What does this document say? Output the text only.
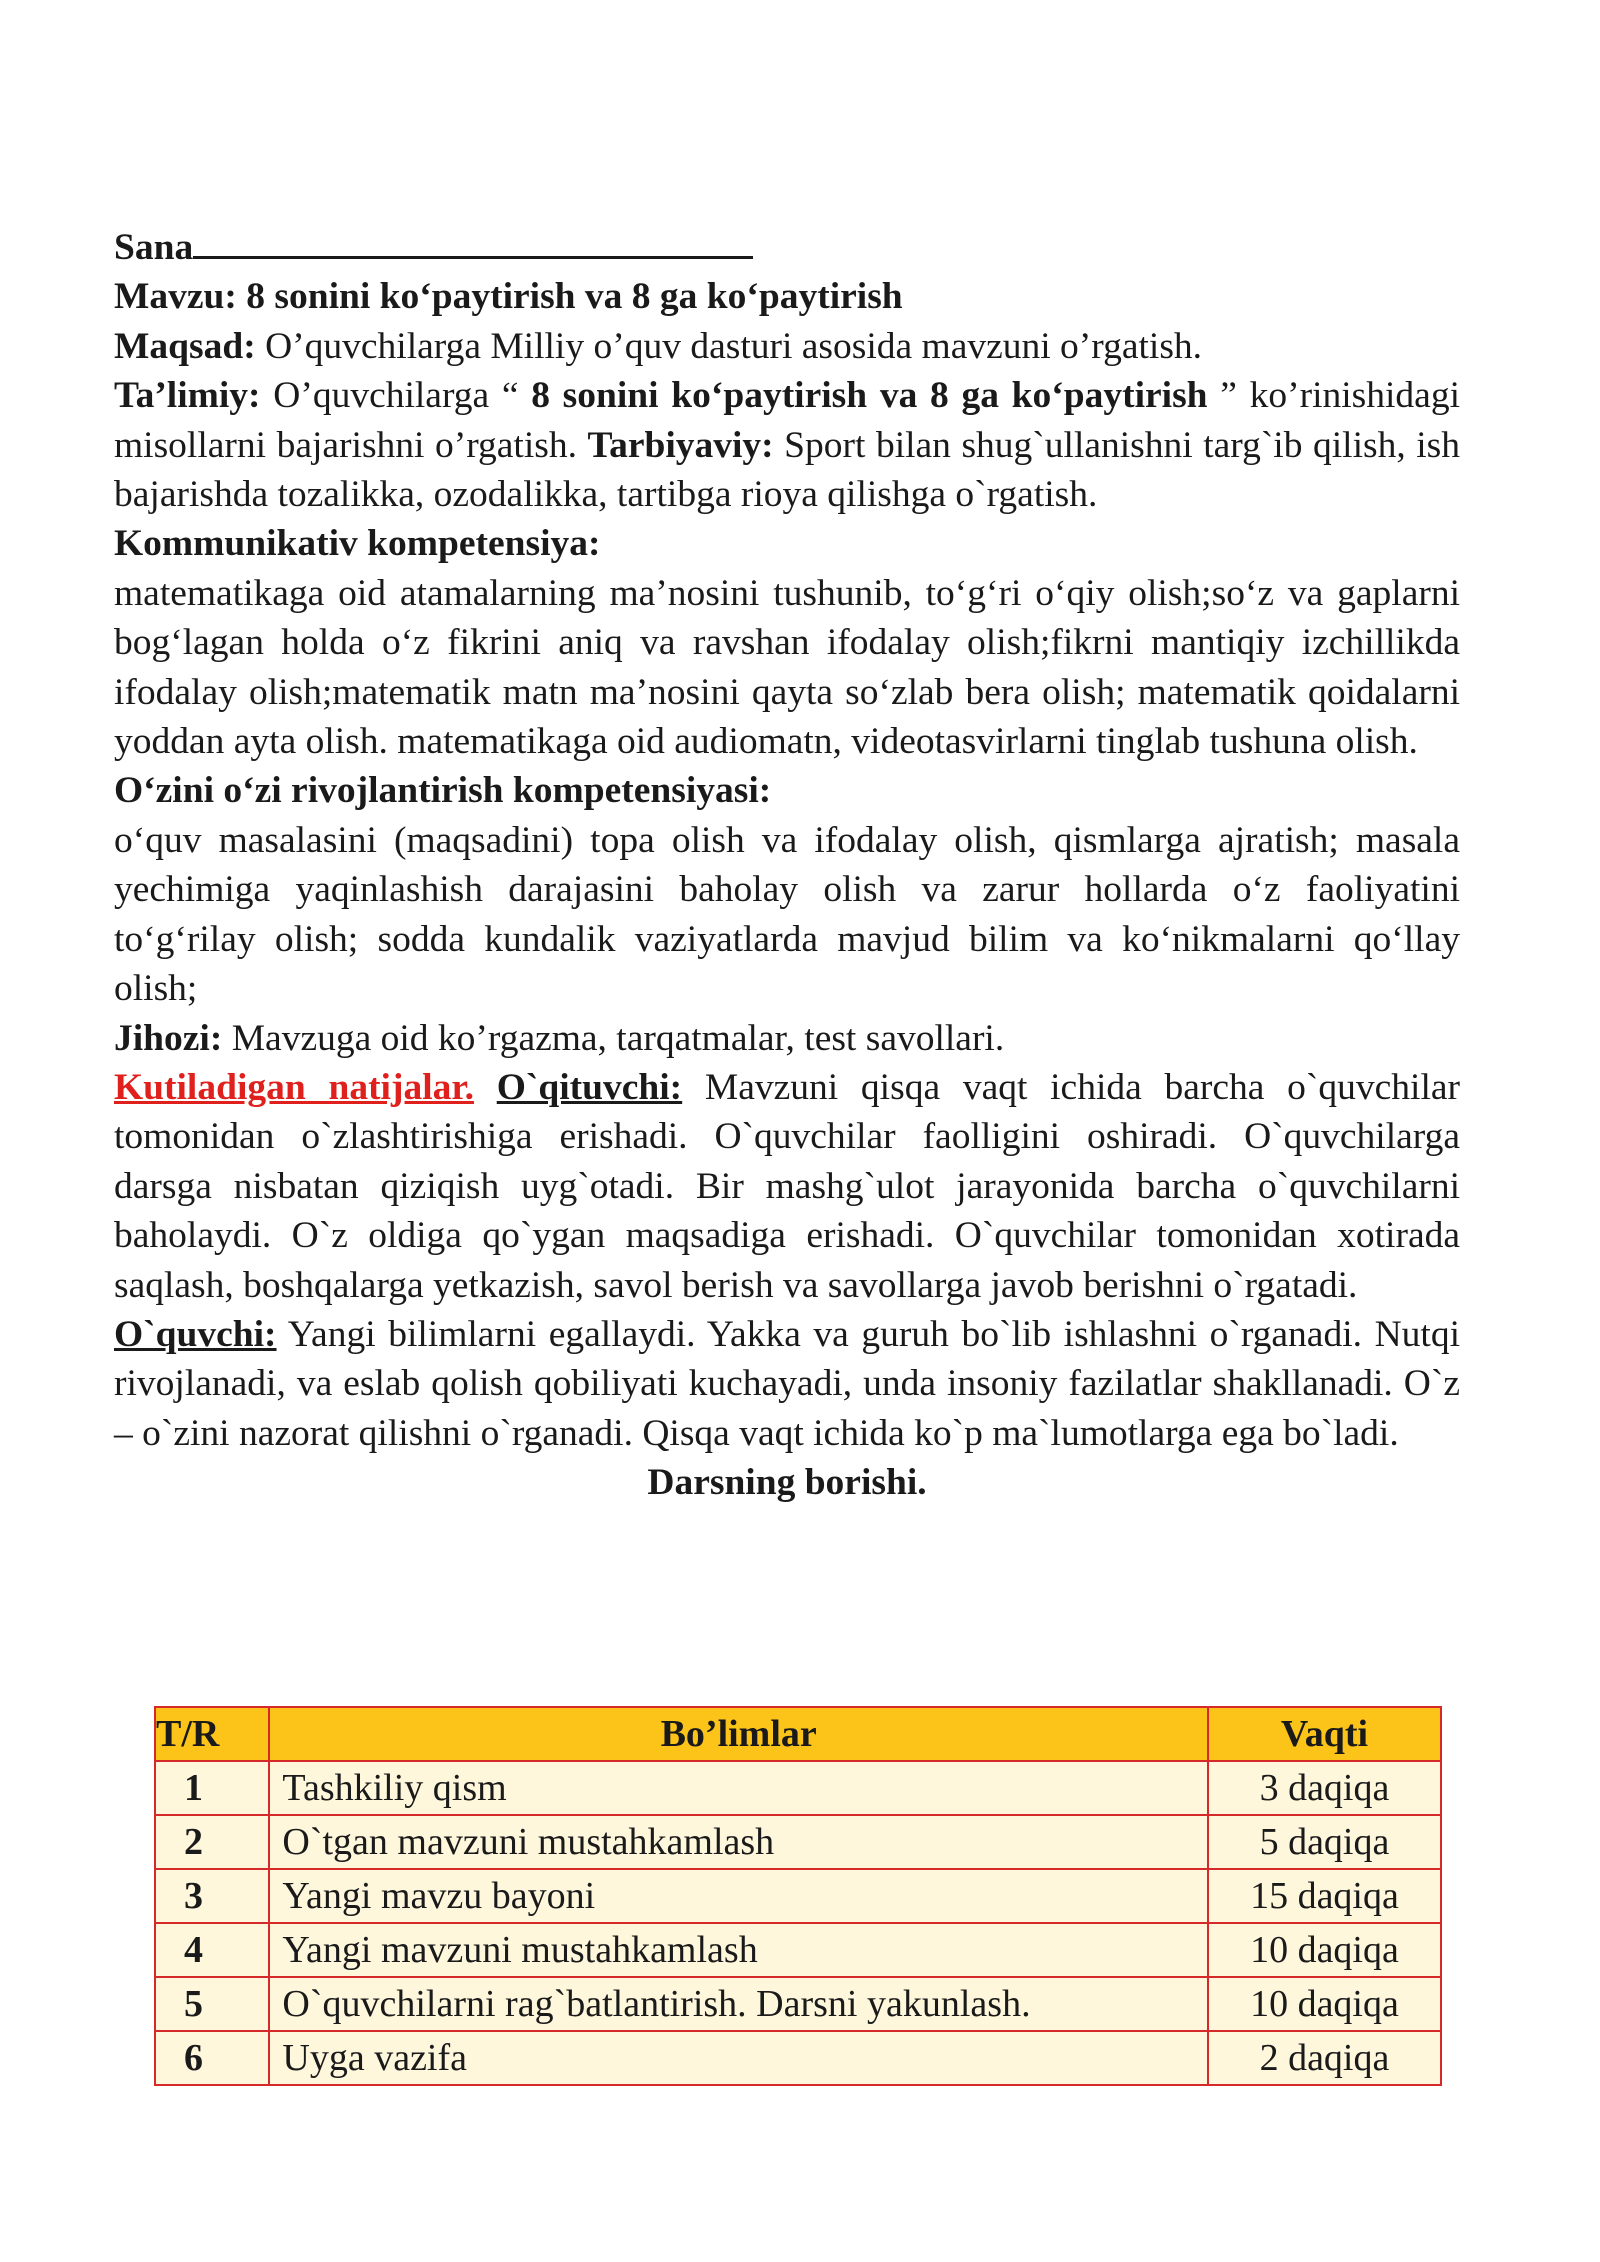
Sana

Mavzu: 8 sonini ko‘paytirish va 8 ga ko‘paytirish

Maqsad: O’quvchilarga Milliy o’quv dasturi asosida mavzuni o’rgatish.

Ta’limiy: O’quvchilarga “ 8 sonini ko‘paytirish va 8 ga ko‘paytirish ” ko’rinishidagi misollarni bajarishni o’rgatish. Tarbiyaviy: Sport bilan shug`ullanishni targ`ib qilish, ish bajarishda tozalikka, ozodalikka, tartibga rioya qilishga o`rgatish.

Kommunikativ kompetensiya:

matematikaga oid atamalarning ma’nosini tushunib, to‘g‘ri o‘qiy olish;so‘z va gaplarni bog‘lagan holda o‘z fikrini aniq va ravshan ifodalay olish;fikrni mantiqiy izchillikda ifodalay olish;matematik matn ma’nosini qayta so‘zlab bera olish; matematik qoidalarni yoddan ayta olish. matematikaga oid audiomatn, videotasvirlarni tinglab tushuna olish.

O‘zini o‘zi rivojlantirish kompetensiyasi:

o‘quv masalasini (maqsadini) topa olish va ifodalay olish, qismlarga ajratish; masala yechimiga yaqinlashish darajasini baholay olish va zarur hollarda o‘z faoliyatini to‘g‘rilay olish; sodda kundalik vaziyatlarda mavjud bilim va ko‘nikmalarni qo‘llay olish;

Jihozi: Mavzuga oid ko’rgazma, tarqatmalar, test savollari.

Kutiladigan natijalar. O`qituvchi: Mavzuni qisqa vaqt ichida barcha o`quvchilar tomonidan o`zlashtirishiga erishadi. O`quvchilar faolligini oshiradi. O`quvchilarga darsga nisbatan qiziqish uyg`otadi. Bir mashg`ulot jarayonida barcha o`quvchilarni baholaydi. O`z oldiga qo`ygan maqsadiga erishadi. O`quvchilar tomonidan xotirada saqlash, boshqalarga yetkazish, savol berish va savollarga javob berishni o`rgatadi.

O`quvchi: Yangi bilimlarni egallaydi. Yakka va guruh bo`lib ishlashni o`rganadi. Nutqi rivojlanadi, va eslab qolish qobiliyati kuchayadi, unda insoniy fazilatlar shakllanadi. O`z – o`zini nazorat qilishni o`rganadi. Qisqa vaqt ichida ko`p ma`lumotlarga ega bo`ladi.

Darsning borishi.

T/R	Bo’limlar	Vaqti
1	Tashkiliy qism	3 daqiqa
2	O`tgan mavzuni mustahkamlash	5 daqiqa
3	Yangi mavzu bayoni	15 daqiqa
4	Yangi mavzuni mustahkamlash	10 daqiqa
5	O`quvchilarni rag`batlantirish. Darsni yakunlash.	10 daqiqa
6	Uyga vazifa	2 daqiqa
